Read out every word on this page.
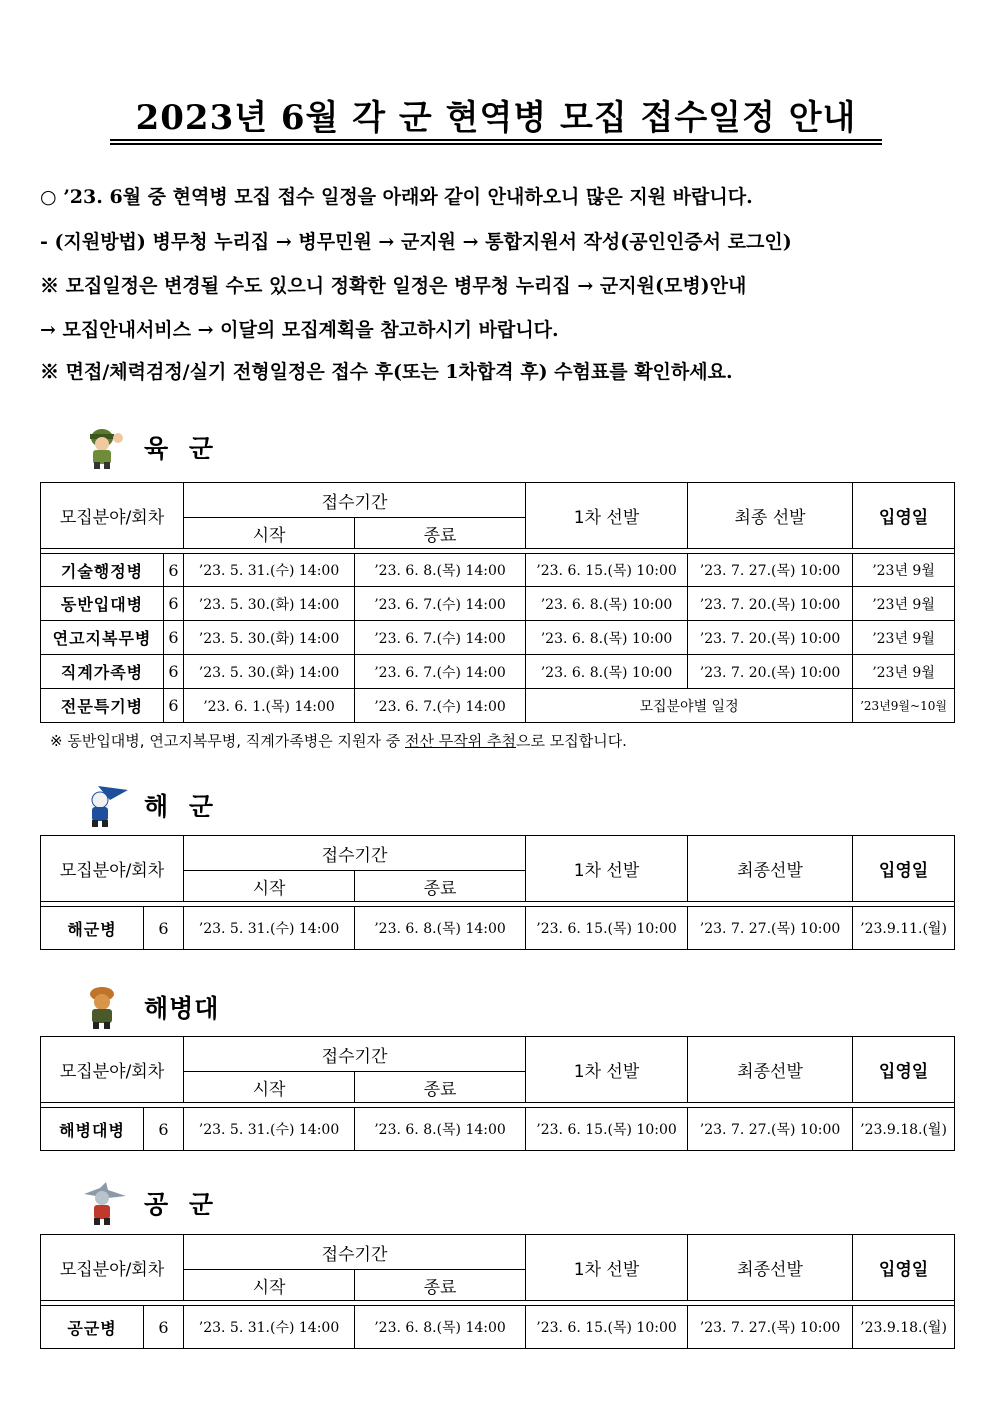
2023년 6월 각 군 현역병 모집 접수일정 안내
○ ’23. 6월 중 현역병 모집 접수 일정을 아래와 같이 안내하오니 많은 지원 바랍니다.
- (지원방법) 병무청 누리집 → 병무민원 → 군지원 → 통합지원서 작성(공인인증서 로그인)
※ 모집일정은 변경될 수도 있으니 정확한 일정은 병무청 누리집 → 군지원(모병)안내
→ 모집안내서비스 → 이달의 모집계획을 참고하시기 바랍니다.
※ 면접/체력검정/실기 전형일정은 접수 후(또는 1차합격 후) 수험표를 확인하세요.
육 군
모집분야/회차		접수기간		1차 선발	최종 선발	입영일
		시작	종료			

기술행정병	6	’23. 5. 31.(수) 14:00	’23. 6. 8.(목) 14:00	’23. 6. 15.(목) 10:00	’23. 7. 27.(목) 10:00	’23년 9월
동반입대병	6	’23. 5. 30.(화) 14:00	’23. 6. 7.(수) 14:00	’23. 6. 8.(목) 10:00	’23. 7. 20.(목) 10:00	’23년 9월
연고지복무병	6	’23. 5. 30.(화) 14:00	’23. 6. 7.(수) 14:00	’23. 6. 8.(목) 10:00	’23. 7. 20.(목) 10:00	’23년 9월
직계가족병	6	’23. 5. 30.(화) 14:00	’23. 6. 7.(수) 14:00	’23. 6. 8.(목) 10:00	’23. 7. 20.(목) 10:00	’23년 9월
전문특기병	6	’23. 6. 1.(목) 14:00	’23. 6. 7.(수) 14:00	모집분야별 일정		’23년9월~10월
※ 동반입대병, 연고지복무병, 직계가족병은 지원자 중 전산 무작위 추첨으로 모집합니다.
해 군
모집분야/회차		접수기간		1차 선발	최종선발	입영일
		시작	종료			

해군병	6	’23. 5. 31.(수) 14:00	’23. 6. 8.(목) 14:00	’23. 6. 15.(목) 10:00	’23. 7. 27.(목) 10:00	’23.9.11.(월)
해병대
모집분야/회차		접수기간		1차 선발	최종선발	입영일
		시작	종료			

해병대병	6	’23. 5. 31.(수) 14:00	’23. 6. 8.(목) 14:00	’23. 6. 15.(목) 10:00	’23. 7. 27.(목) 10:00	’23.9.18.(월)
공 군
모집분야/회차		접수기간		1차 선발	최종선발	입영일
		시작	종료			

공군병	6	’23. 5. 31.(수) 14:00	’23. 6. 8.(목) 14:00	’23. 6. 15.(목) 10:00	’23. 7. 27.(목) 10:00	’23.9.18.(월)
